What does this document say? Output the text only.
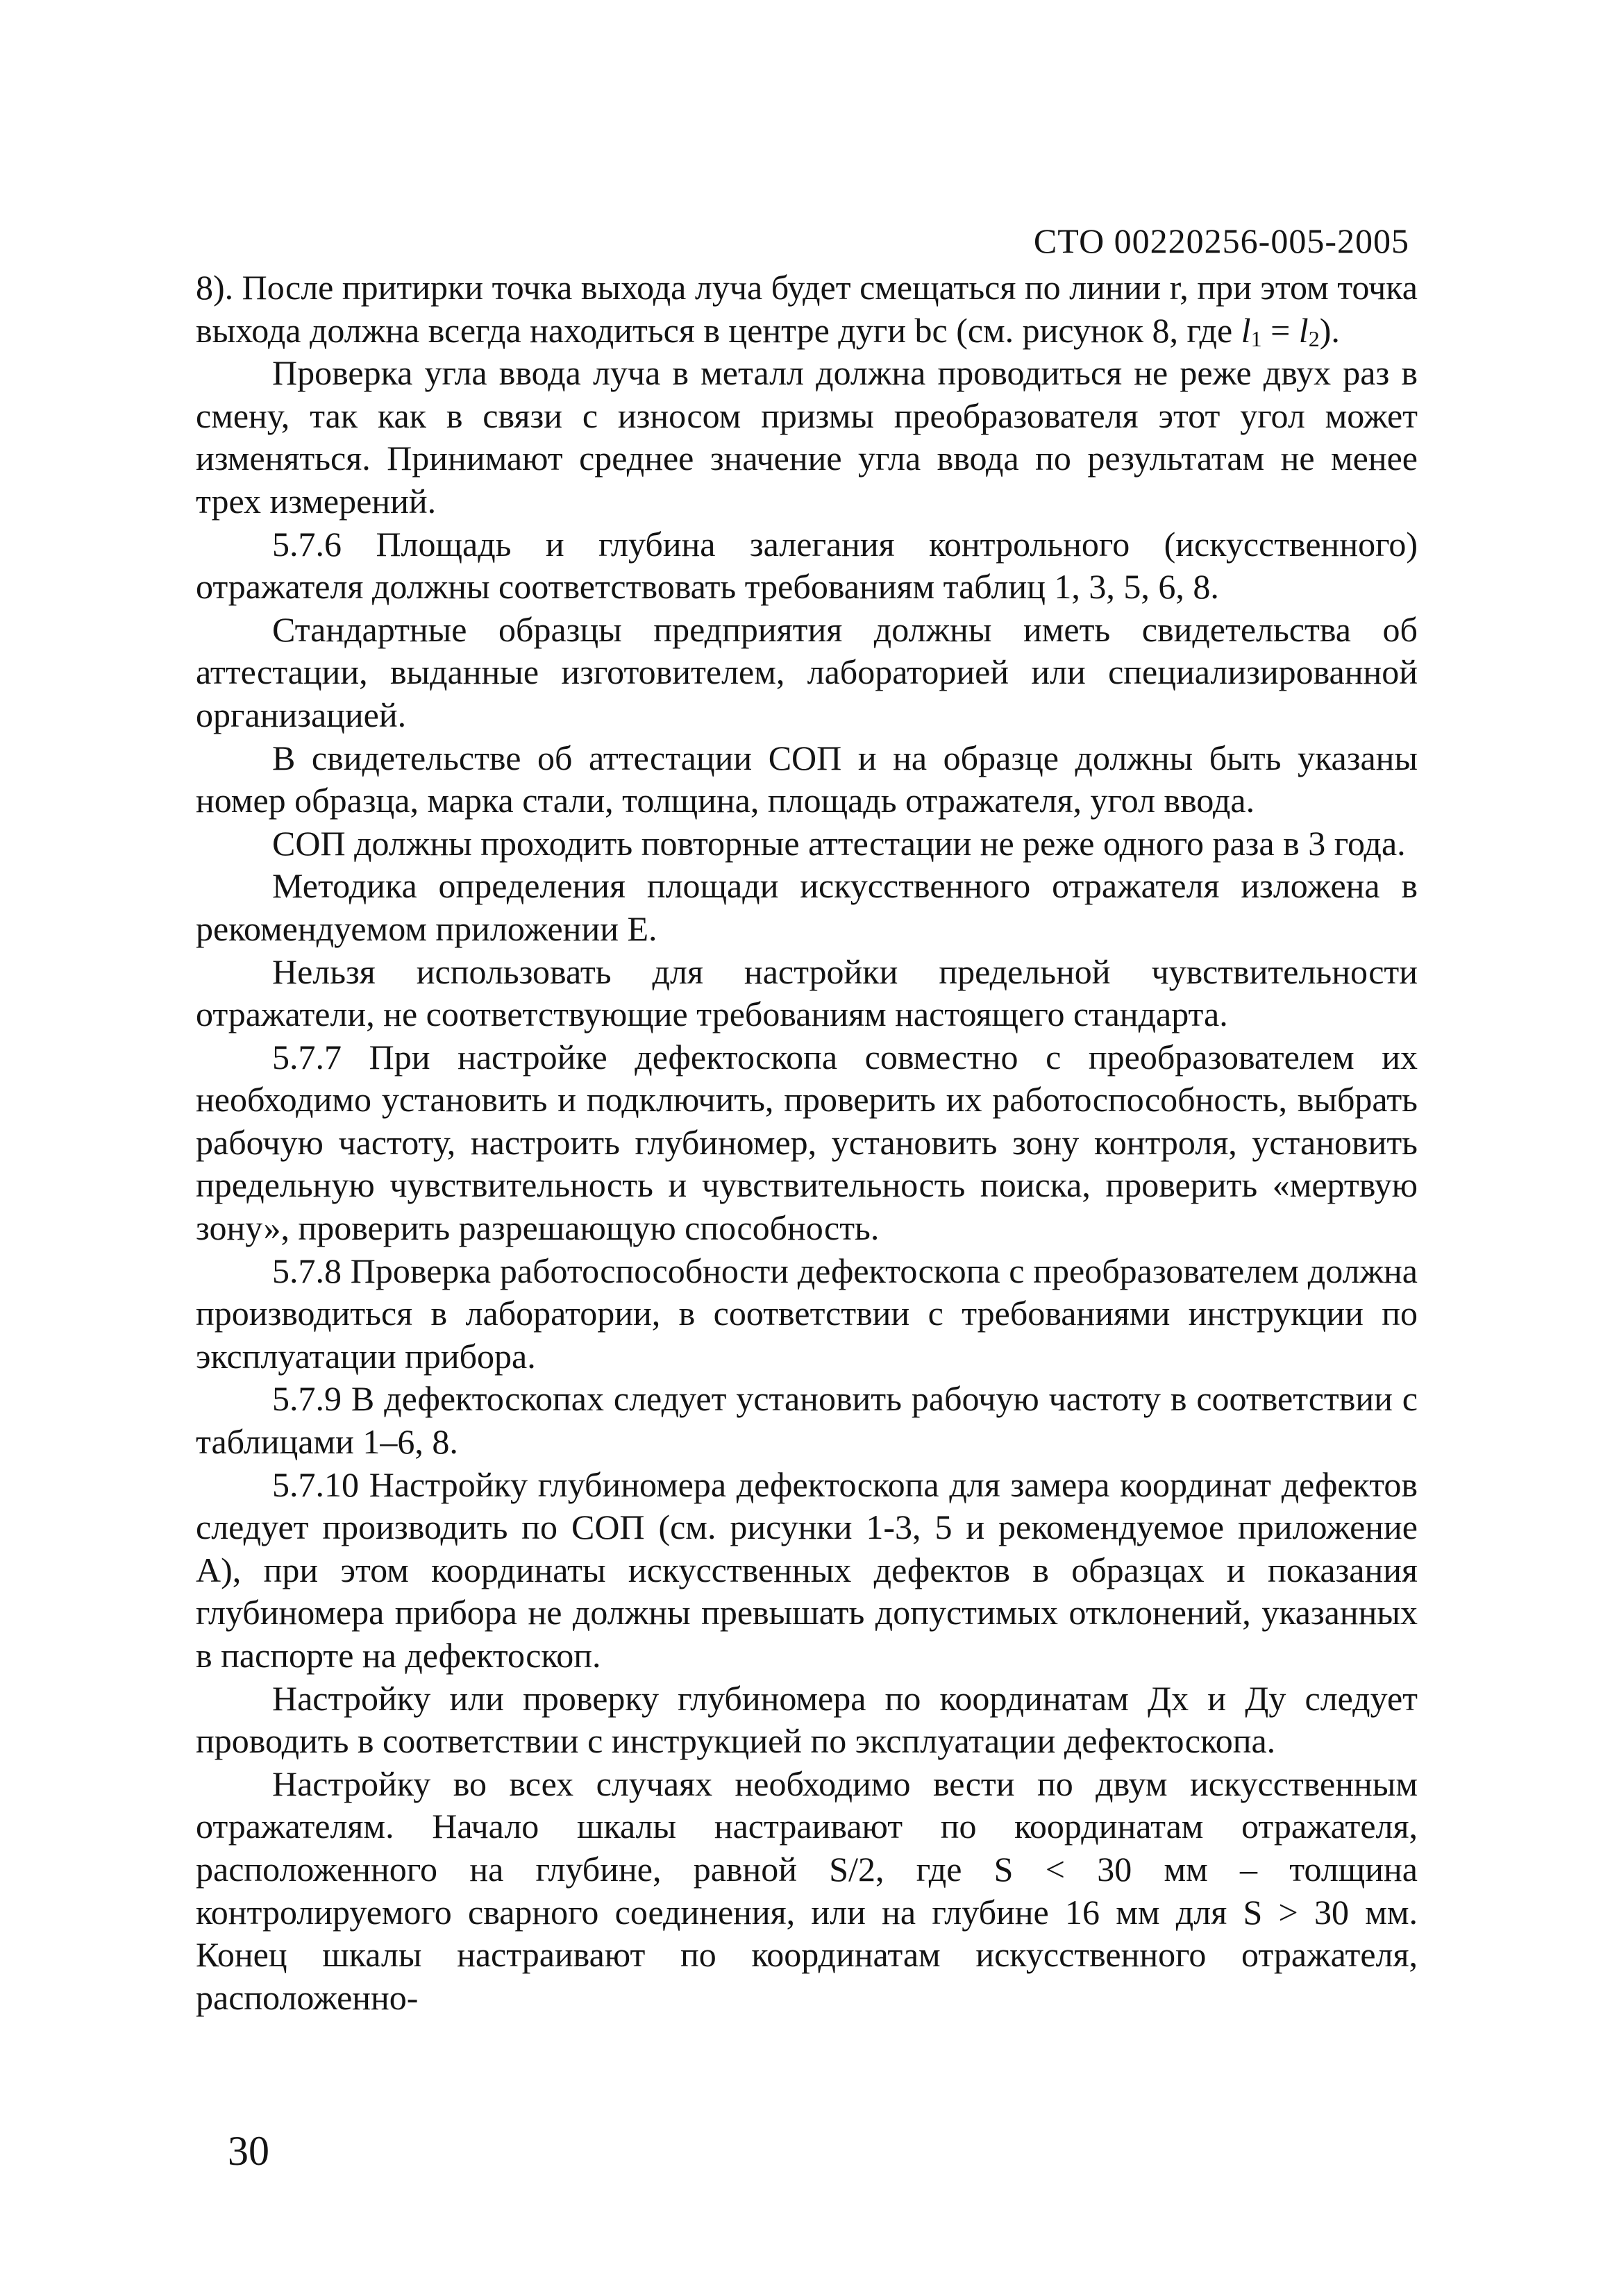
СТО 00220256-005-2005

8). После притирки точка выхода луча будет смещаться по линии r, при этом точка выхода должна всегда находиться в центре дуги bc (см. рисунок 8, где $l_1 = l_2$).

Проверка угла ввода луча в металл должна проводиться не реже двух раз в смену, так как в связи с износом призмы преобразователя этот угол может изменяться. Принимают среднее значение угла ввода по результатам не менее трех измерений.

5.7.6 Площадь и глубина залегания контрольного (искусственного) отражателя должны соответствовать требованиям таблиц 1, 3, 5, 6, 8.

Стандартные образцы предприятия должны иметь свидетельства об аттестации, выданные изготовителем, лабораторией или специализированной организацией.

В свидетельстве об аттестации СОП и на образце должны быть указаны номер образца, марка стали, толщина, площадь отражателя, угол ввода.

СОП должны проходить повторные аттестации не реже одного раза в 3 года.

Методика определения площади искусственного отражателя изложена в рекомендуемом приложении Е.

Нельзя использовать для настройки предельной чувствительности отражатели, не соответствующие требованиям настоящего стандарта.

5.7.7 При настройке дефектоскопа совместно с преобразователем их необходимо установить и подключить, проверить их работоспособность, выбрать рабочую частоту, настроить глубиномер, установить зону контроля, установить предельную чувствительность и чувствительность поиска, проверить «мертвую зону», проверить разрешающую способность.

5.7.8 Проверка работоспособности дефектоскопа с преобразователем должна производиться в лаборатории, в соответствии с требованиями инструкции по эксплуатации прибора.

5.7.9 В дефектоскопах следует установить рабочую частоту в соответствии с таблицами 1–6, 8.

5.7.10 Настройку глубиномера дефектоскопа для замера координат дефектов следует производить по СОП (см. рисунки 1-3, 5 и рекомендуемое приложение А), при этом координаты искусственных дефектов в образцах и показания глубиномера прибора не должны превышать допустимых отклонений, указанных в паспорте на дефектоскоп.

Настройку или проверку глубиномера по координатам Дх и Ду следует проводить в соответствии с инструкцией по эксплуатации дефектоскопа.

Настройку во всех случаях необходимо вести по двум искусственным отражателям. Начало шкалы настраивают по координатам отражателя, расположенного на глубине, равной S/2, где S < 30 мм – толщина контролируемого сварного соединения, или на глубине 16 мм для S > 30 мм. Конец шкалы настраивают по координатам искусственного отражателя, расположенно-

30
